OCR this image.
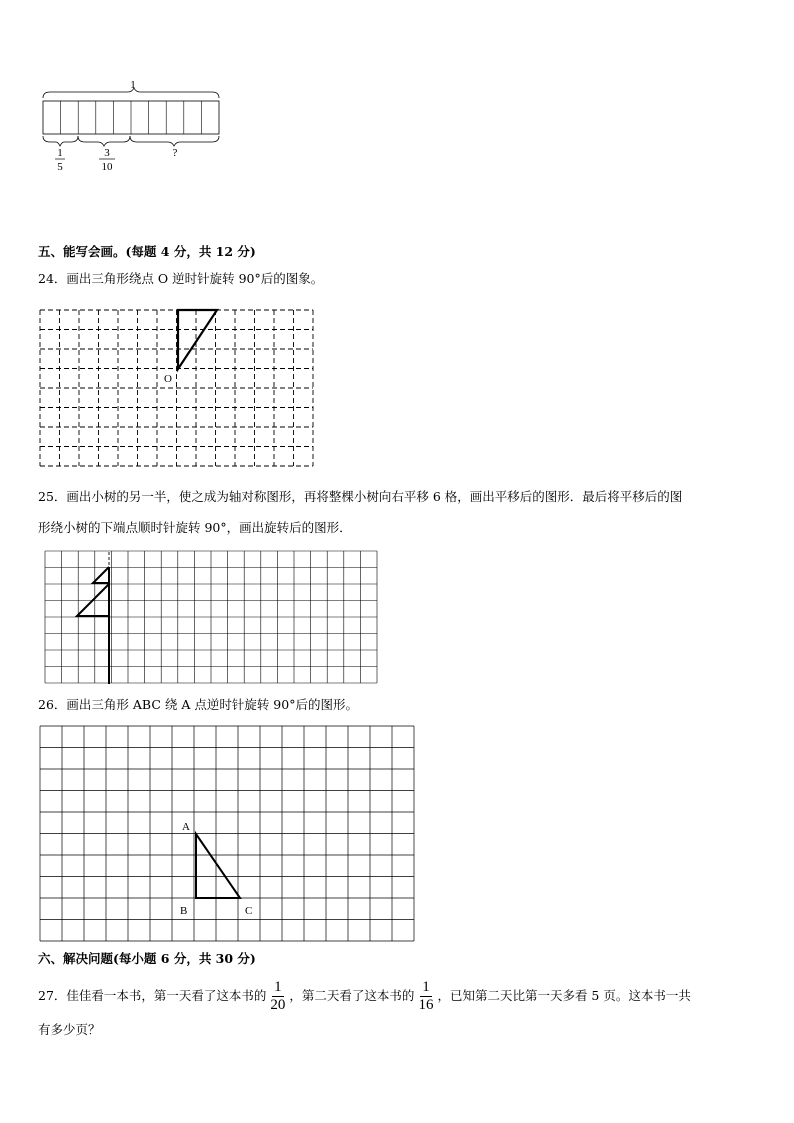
1
1
5
3
10
?
五、能写会画。(每题 4 分，共 12 分)
24．画出三角形绕点 O 逆时针旋转 90°后的图象。
O
25．画出小树的另一半，使之成为轴对称图形，再将整棵小树向右平移 6 格，画出平移后的图形．最后将平移后的图
形绕小树的下端点顺时针旋转 90°，画出旋转后的图形．
26．画出三角形 ABC 绕 A 点逆时针旋转 90°后的图形。
A
B	C
六、解决问题(每小题 6 分，共 30 分)
27．佳佳看一本书，第一天看了这本书的 $\frac{1}{20}$ ，第二天看了这本书的 $\frac{1}{16}$ ，已知第二天比第一天多看 5 页。这本书一共
有多少页？
